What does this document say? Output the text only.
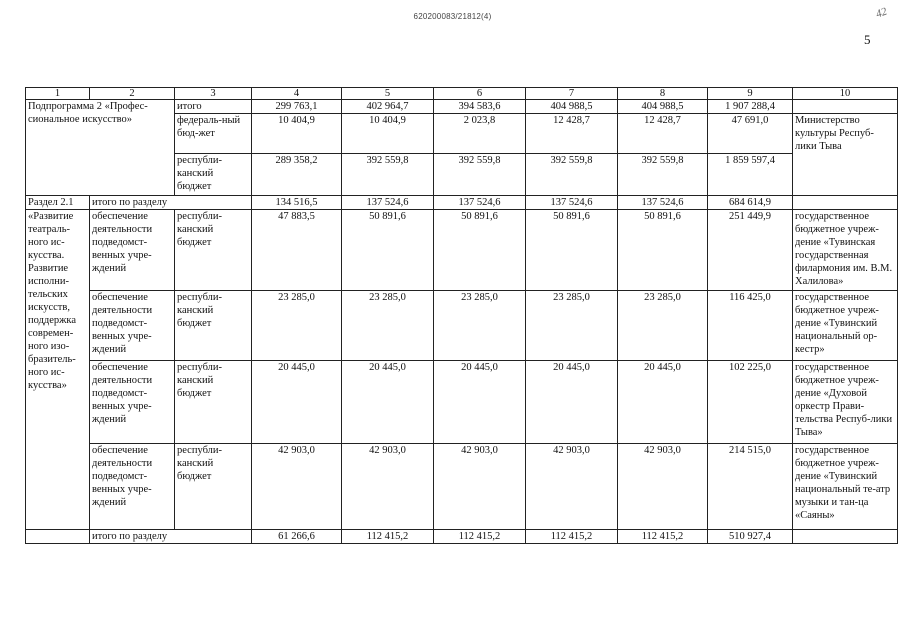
620200083/21812(4)	42
5
1	2	3	4	5	6	7	8	9	10
Подпрограмма 2 «Профес-сиональное искусство»		итого	299 763,1	402 964,7	394 583,6	404 988,5	404 988,5	1 907 288,4	
		федераль-ный бюд-жет	10 404,9	10 404,9	2 023,8	12 428,7	12 428,7	47 691,0	Министерство культуры Респуб-лики Тыва
		республи-канский бюджет	289 358,2	392 559,8	392 559,8	392 559,8	392 559,8	1 859 597,4	
Раздел 2.1	итого по разделу		134 516,5	137 524,6	137 524,6	137 524,6	137 524,6	684 614,9	
«Развитие театраль-ного ис-кусства. Развитие исполни-тельских искусств, поддержка современ-ного изо-бразитель-ного ис-кусства»	обеспечение деятельности подведомст-венных учре-ждений	республи-канский бюджет	47 883,5	50 891,6	50 891,6	50 891,6	50 891,6	251 449,9	государственное бюджетное учреж-дение «Тувинская государственная филармония им. В.М. Халилова»
	обеспечение деятельности подведомст-венных учре-ждений	республи-канский бюджет	23 285,0	23 285,0	23 285,0	23 285,0	23 285,0	116 425,0	государственное бюджетное учреж-дение «Тувинский национальный ор-кестр»
	обеспечение деятельности подведомст-венных учре-ждений	республи-канский бюджет	20 445,0	20 445,0	20 445,0	20 445,0	20 445,0	102 225,0	государственное бюджетное учреж-дение «Духовой оркестр Прави-тельства Респуб-лики Тыва»
	обеспечение деятельности подведомст-венных учре-ждений	республи-канский бюджет	42 903,0	42 903,0	42 903,0	42 903,0	42 903,0	214 515,0	государственное бюджетное учреж-дение «Тувинский национальный те-атр музыки и тан-ца «Саяны»
	итого по разделу		61 266,6	112 415,2	112 415,2	112 415,2	112 415,2	510 927,4	
